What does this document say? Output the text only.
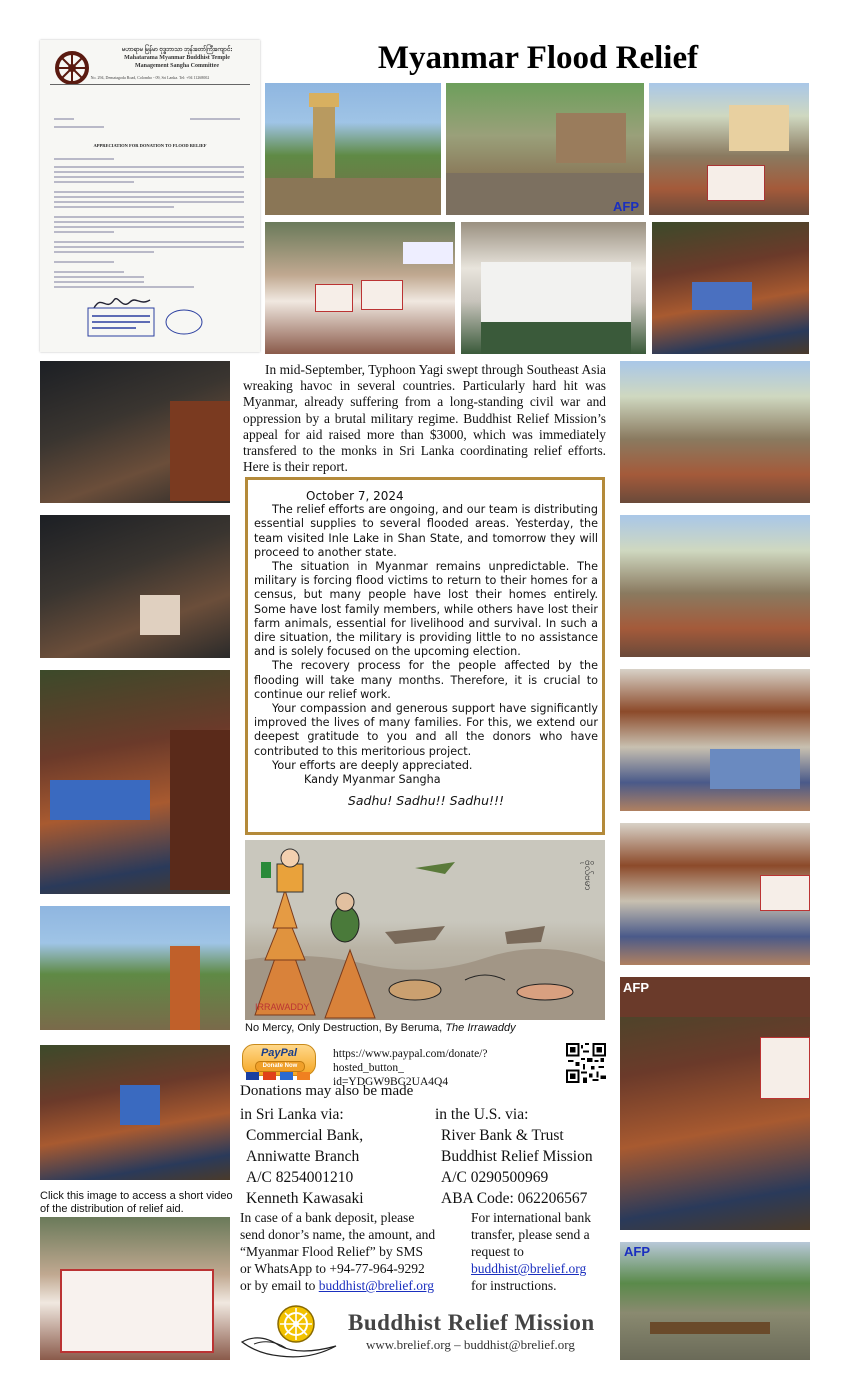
မဟာရာမ မြန်မာ ဗုဒ္ဓဘာသာ ဘုန်းတော်ကြီးကျောင်း
Mahatarama Myanmar Buddhist Temple
Management Sangha Committee
No. 294, Dematagoda Road, Colombo - 09, Sri Lanka. Tel: +94 11268002
APPRECIATION FOR DONATION TO FLOOD RELIEF
Myanmar Flood Relief
AFP
Click this image to access a short video of the distribution of relief aid.
AFP
AFP

In mid-September, Typhoon Yagi swept through Southeast Asia wreaking havoc in several countries. Particularly hard hit was Myanmar, already suffering from a long-standing civil war and oppression by a brutal military regime. Buddhist Relief Mission’s appeal for aid raised more than $3000, which was immediately transfered to the monks in Sri Lanka coordinating relief efforts. Here is their report.

October 7, 2024

The relief efforts are ongoing, and our team is distributing essential supplies to several flooded areas. Yesterday, the team visited Inle Lake in Shan State, and tomorrow they will proceed to another state.

The situation in Myanmar remains unpredictable. The military is forcing flood victims to return to their homes for a census, but many people have lost their homes entirely. Some have lost family members, while others have lost their farm animals, essential for livelihood and survival. In such a dire situation, the military is providing little to no assistance and is solely focused on the upcoming election.

The recovery process for the people affected by the flooding will take many months. Therefore, it is crucial to continue our relief work.

Your compassion and generous support have significantly improved the lives of many families. For this, we extend our deepest gratitude to you and all the donors who have contributed to this meritorious project.

Your efforts are deeply appreciated.

Kandy Myanmar Sangha
Sadhu! Sadhu!! Sadhu!!!
IRRAWADDY
ဗိုလ်ဗမာ
No Mercy, Only Destruction, By Beruma, The Irrawaddy
PayPal
Donate Now

https://www.paypal.com/donate/?hosted_button_
id=YDGW9BG2UA4Q4
Donations may also be made
in Sri Lanka via:
Commercial Bank,
Anniwatte Branch
A/C 8254001210
Kenneth Kawasaki
in the U.S. via:
River Bank & Trust
Buddhist Relief Mission
A/C 0290500969
ABA Code: 062206567
In case of a bank deposit, please
send donor’s name, the amount, and
“Myanmar Flood Relief” by SMS
or WhatsApp to +94-77-964-9292
or by email to buddhist@brelief.org
For international bank
transfer, please send a
request to
buddhist@brelief.org
for instructions.
Buddhist Relief Mission
www.brelief.org – buddhist@brelief.org
